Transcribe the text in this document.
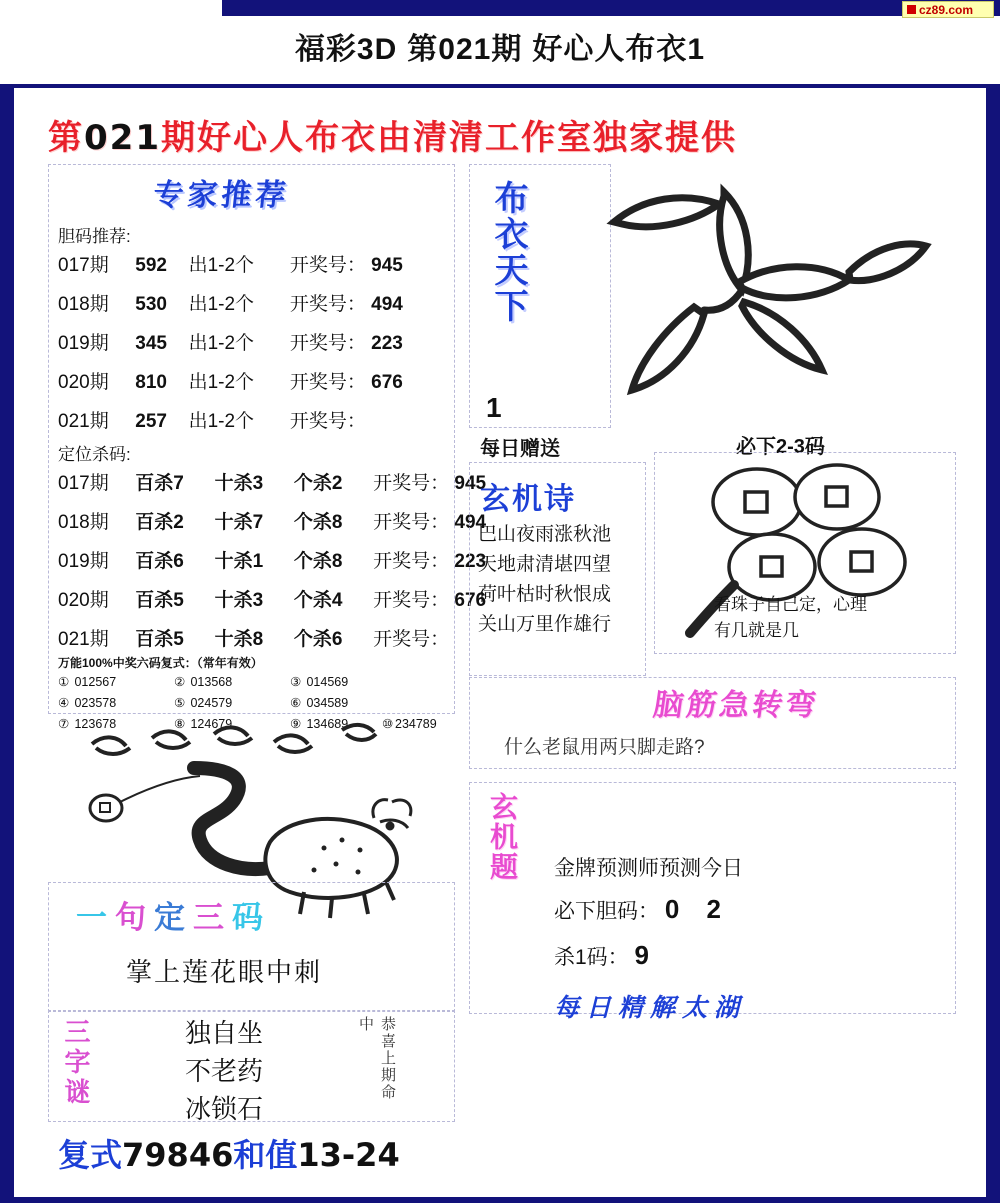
cz89.com
福彩3D 第021期 好心人布衣1
第021期好心人布衣由清清工作室独家提供
专家推荐
胆码推荐:
017期 592 出1-2个 开奖号： 945
018期 530 出1-2个 开奖号： 494
019期 345 出1-2个 开奖号： 223
020期 810 出1-2个 开奖号： 676
021期 257 出1-2个 开奖号：
定位杀码:
017期 百杀7 十杀3 个杀2 开奖号： 945
018期 百杀2 十杀7 个杀8 开奖号： 494
019期 百杀6 十杀1 个杀8 开奖号： 223
020期 百杀5 十杀3 个杀4 开奖号： 676
021期 百杀5 十杀8 个杀6 开奖号：
万能100%中奖六码复式：（常年有效）
① 012567	② 013568	③ 014569
④ 023578	⑤ 024579	⑥ 034589
⑦ 123678	⑧ 124679	⑨ 134689	⑩ 234789
布衣天下
1
每日赠送	必下2-3码
玄机诗
巴山夜雨涨秋池
天地肃清堪四望
荷叶枯时秋恨成
关山万里作雄行
看珠子自己定，心理
有几就是几
脑筋急转弯
什么老鼠用两只脚走路?
玄机题 金牌预测师预测今日
必下胆码： 0 2
杀1码： 9
每日精解太湖
一句定三码
掌上莲花眼中刺
三字谜	独自坐
不老药
冰锁石
恭喜上期命中
复式79846和值13-24
